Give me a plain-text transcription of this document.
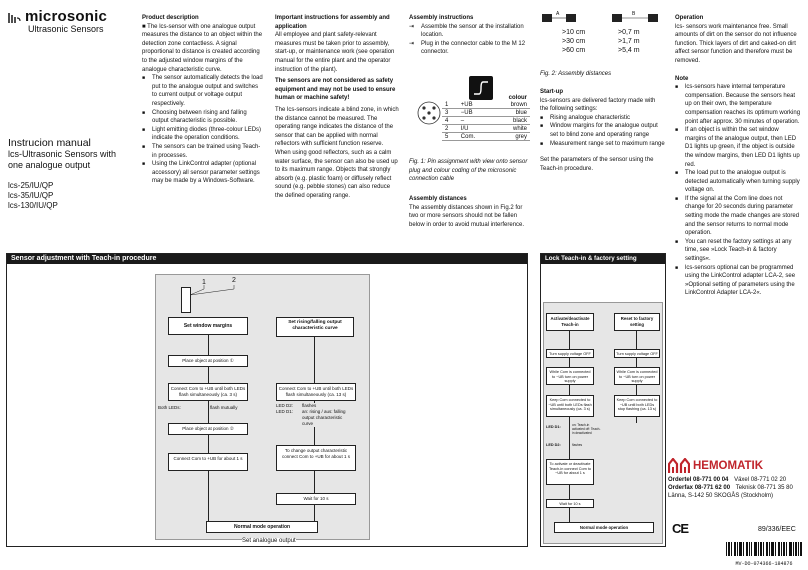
microsonic
Ultrasonic Sensors
Instrucion manual
lcs-Ultrasonic Sensors with
one analogue output
lcs-25/IU/QP
lcs-35/IU/QP
lcs-130/IU/QP
Product description
■ The lcs-sensor with one analogue output measures the distance to an object within the detection zone contactless. A signal proportional to distance is created according to the adjusted window margins of the analogue characteristic curve.
■ The sensor automatically detects the load put to the analogue output and switches to current output or voltage output respectively.
■ Choosing between rising and falling output characteristic is possible.
■ Light emitting diodes (three-colour LEDs) indicate the operation conditions.
■ The sensors can be trained using Teach-in processes.
■ Using the LinkControl adapter (optional accessory) all sensor parameter settings may be made by a Windows-Software.
Important instructions for assembly and application
All employee and plant safety-relevant measures must be taken prior to assembly, start-up, or maintenance work (see operation manual for the entire plant and the operator instruction of the plant).
The sensors are not considered as safety equipment and may not be used to ensure human or machine safety!
The lcs-sensors indicate a blind zone, in which the distance cannot be measured. The operating range indicates the distance of the sensor that can be applied with normal reflectors with sufficient function reserve.
When using good reflectors, such as a calm water surface, the sensor can also be used up to its maximum range. Objects that strongly absorb (e.g. plastic foam) or diffusely reflect sound (e.g. pebble stones) can also reduce the defined operating range.
Assembly instructions
⇥ Assemble the sensor at the installation location.
⇥ Plug in the connector cable to the M 12 connector.
colour
1	+UB	brown
3	−UB	blue
4	–	black
2	I/U	white
5	Com.	grey
Fig. 1: Pin assignment with view onto sensor plug and colour coding of the microsonic connection cable
Assembly distances
The assembly distances shown in Fig.2 for two or more sensors should not be fallen below in order to avoid mutual interference.
A	B
>10 cm
>30 cm
>60 cm
>0,7 m
>1,7 m
>5,4 m
Fig. 2: Assembly distances
Start-up
lcs-sensors are delivered factory made with the following settings:
■ Rising analogue characteristic
■ Window margins for the analogue output set to blind zone and operating range
■ Measurement range set to maximum range
Set the parameters of the sensor using the Teach-in procedure.
Operation
lcs- sensors work maintenance free. Small amounts of dirt on the sensor do not influence function. Thick layers of dirt and caked-on dirt affect sensor function and therefore must be removed.
Note
■ lcs-sensors have internal temperature compensation. Because the sensors heat up on their own, the temperature compensation reaches its optimum working point after approx. 30 minutes of operation.
■ If an object is within the set window margins of the analogue output, then LED D1 lights up green, if the object is outside the window margins, then LED D1 lights up red.
■ The load put to the analogue output is detected automatically when turning supply voltage on.
■ If the signal at the Com line does not change for 20 seconds during parameter setting mode the made changes are stored and the sensor returns to normal mode operation.
■ You can reset the factory settings at any time, see »Lock Teach-in & factory settings«.
■ lcs-sensors optional can be programmed using the LinkControl adapter LCA-2, see »Optional setting of parameters using the LinkControl Adapter LCA-2«.
Sensor adjustment with Teach-in procedure
1	2
Set window margins
Set rising/falling output characteristic curve
Place object at position ①
Connect Com to +UB until both LEDs flash simultaneously (ca. 3 s)
Both LEDs:	flash mutually
Place object at position ②
Connect Com to +UB for about 1 s
Connect Com to +UB until both LEDs flash simultaneously (ca. 13 s)
LED D2:
LED D1:
flashes
an: rising / aus: falling output characteristic curve
To change output characteristic connect Com to +UB for about 1 s
Wait for 10 s
Normal mode operation
Set analogue output
Lock Teach-in & factory setting
Activate/deactivate Teach-in
Reset to factory setting
Turn supply voltage OFF	Turn supply voltage OFF
While Com is connected to −UB turn on power supply
While Com is connected to −UB turn on power supply
Keep Com connected to −UB until both LEDs flash simultaneously (ca. 3 s)
Keep Com connected to −UB until both LEDs stop flashing (ca. 13 s)
LED D1:	on: Teach-in activated off: Teach-in deactivated
LED D2:	flashes
To activate or deactivate Teach-in connect Com to −UB for about 1 s
Wait for 10 s
Normal mode operation
HEMOMATIK
Ordertel 08-771 00 04 Växel 08-771 02 20
Orderfax 08-771 62 00 Teknisk 08-771 35 80
Länna, S-142 50 SKOGÅS (Stockholm)
CE	89/336/EEC
MV-DO-074366-184876
